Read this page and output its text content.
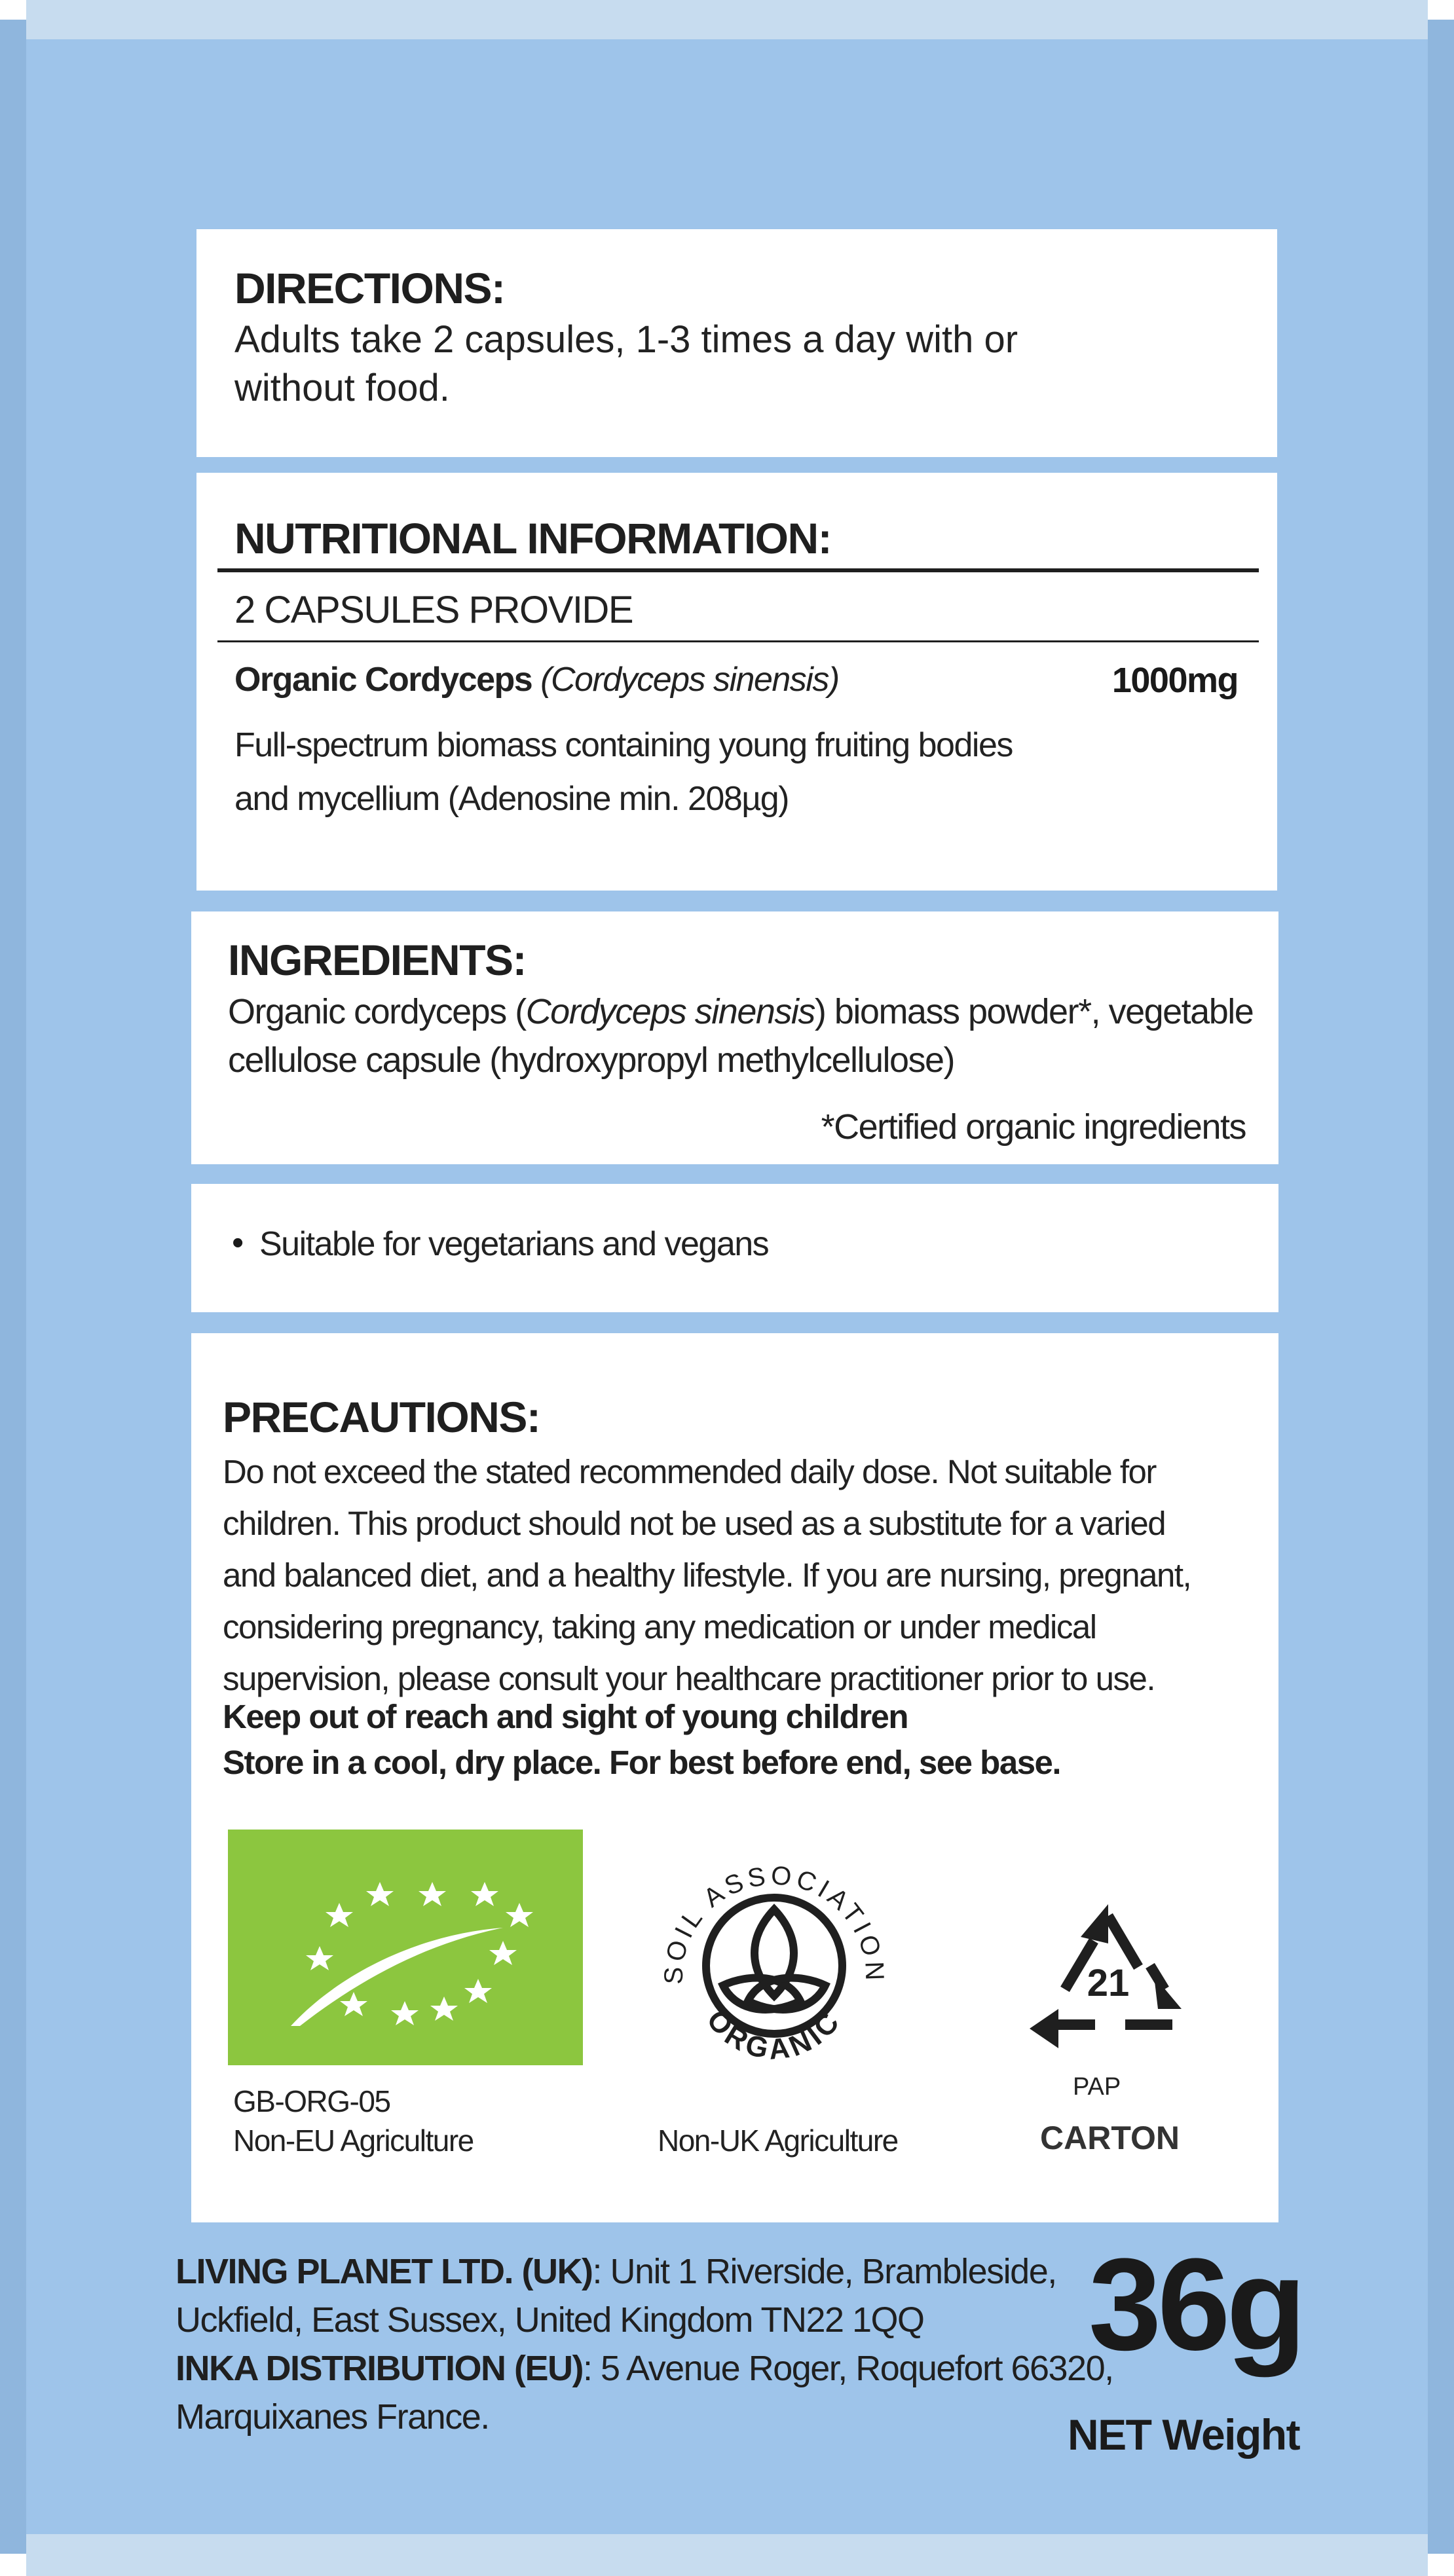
DIRECTIONS:
Adults take 2 capsules, 1-3 times a day with or
without food.
NUTRITIONAL INFORMATION:
2 CAPSULES PROVIDE
Organic Cordyceps (Cordyceps sinensis)	1000mg
Full-spectrum biomass containing young fruiting bodies
and mycellium (Adenosine min. 208µg)
INGREDIENTS:
Organic cordyceps (Cordyceps sinensis) biomass powder*, vegetable
cellulose capsule (hydroxypropyl methylcellulose)
*Certified organic ingredients
• Suitable for vegetarians and vegans
PRECAUTIONS:
Do not exceed the stated recommended daily dose. Not suitable for
children. This product should not be used as a substitute for a varied
and balanced diet, and a healthy lifestyle. If you are nursing, pregnant,
considering pregnancy, taking any medication or under medical
supervision, please consult your healthcare practitioner prior to use.
Keep out of reach and sight of young children
Store in a cool, dry place. For best before end, see base.
GB-ORG-05
Non-EU Agriculture
SOIL ASSOCIATION
ORGANIC
Non-UK Agriculture
21
PAP
CARTON
LIVING PLANET LTD. (UK): Unit 1 Riverside, Brambleside,
Uckfield, East Sussex, United Kingdom TN22 1QQ
INKA DISTRIBUTION (EU): 5 Avenue Roger, Roquefort 66320,
Marquixanes France.
36g
NET Weight
